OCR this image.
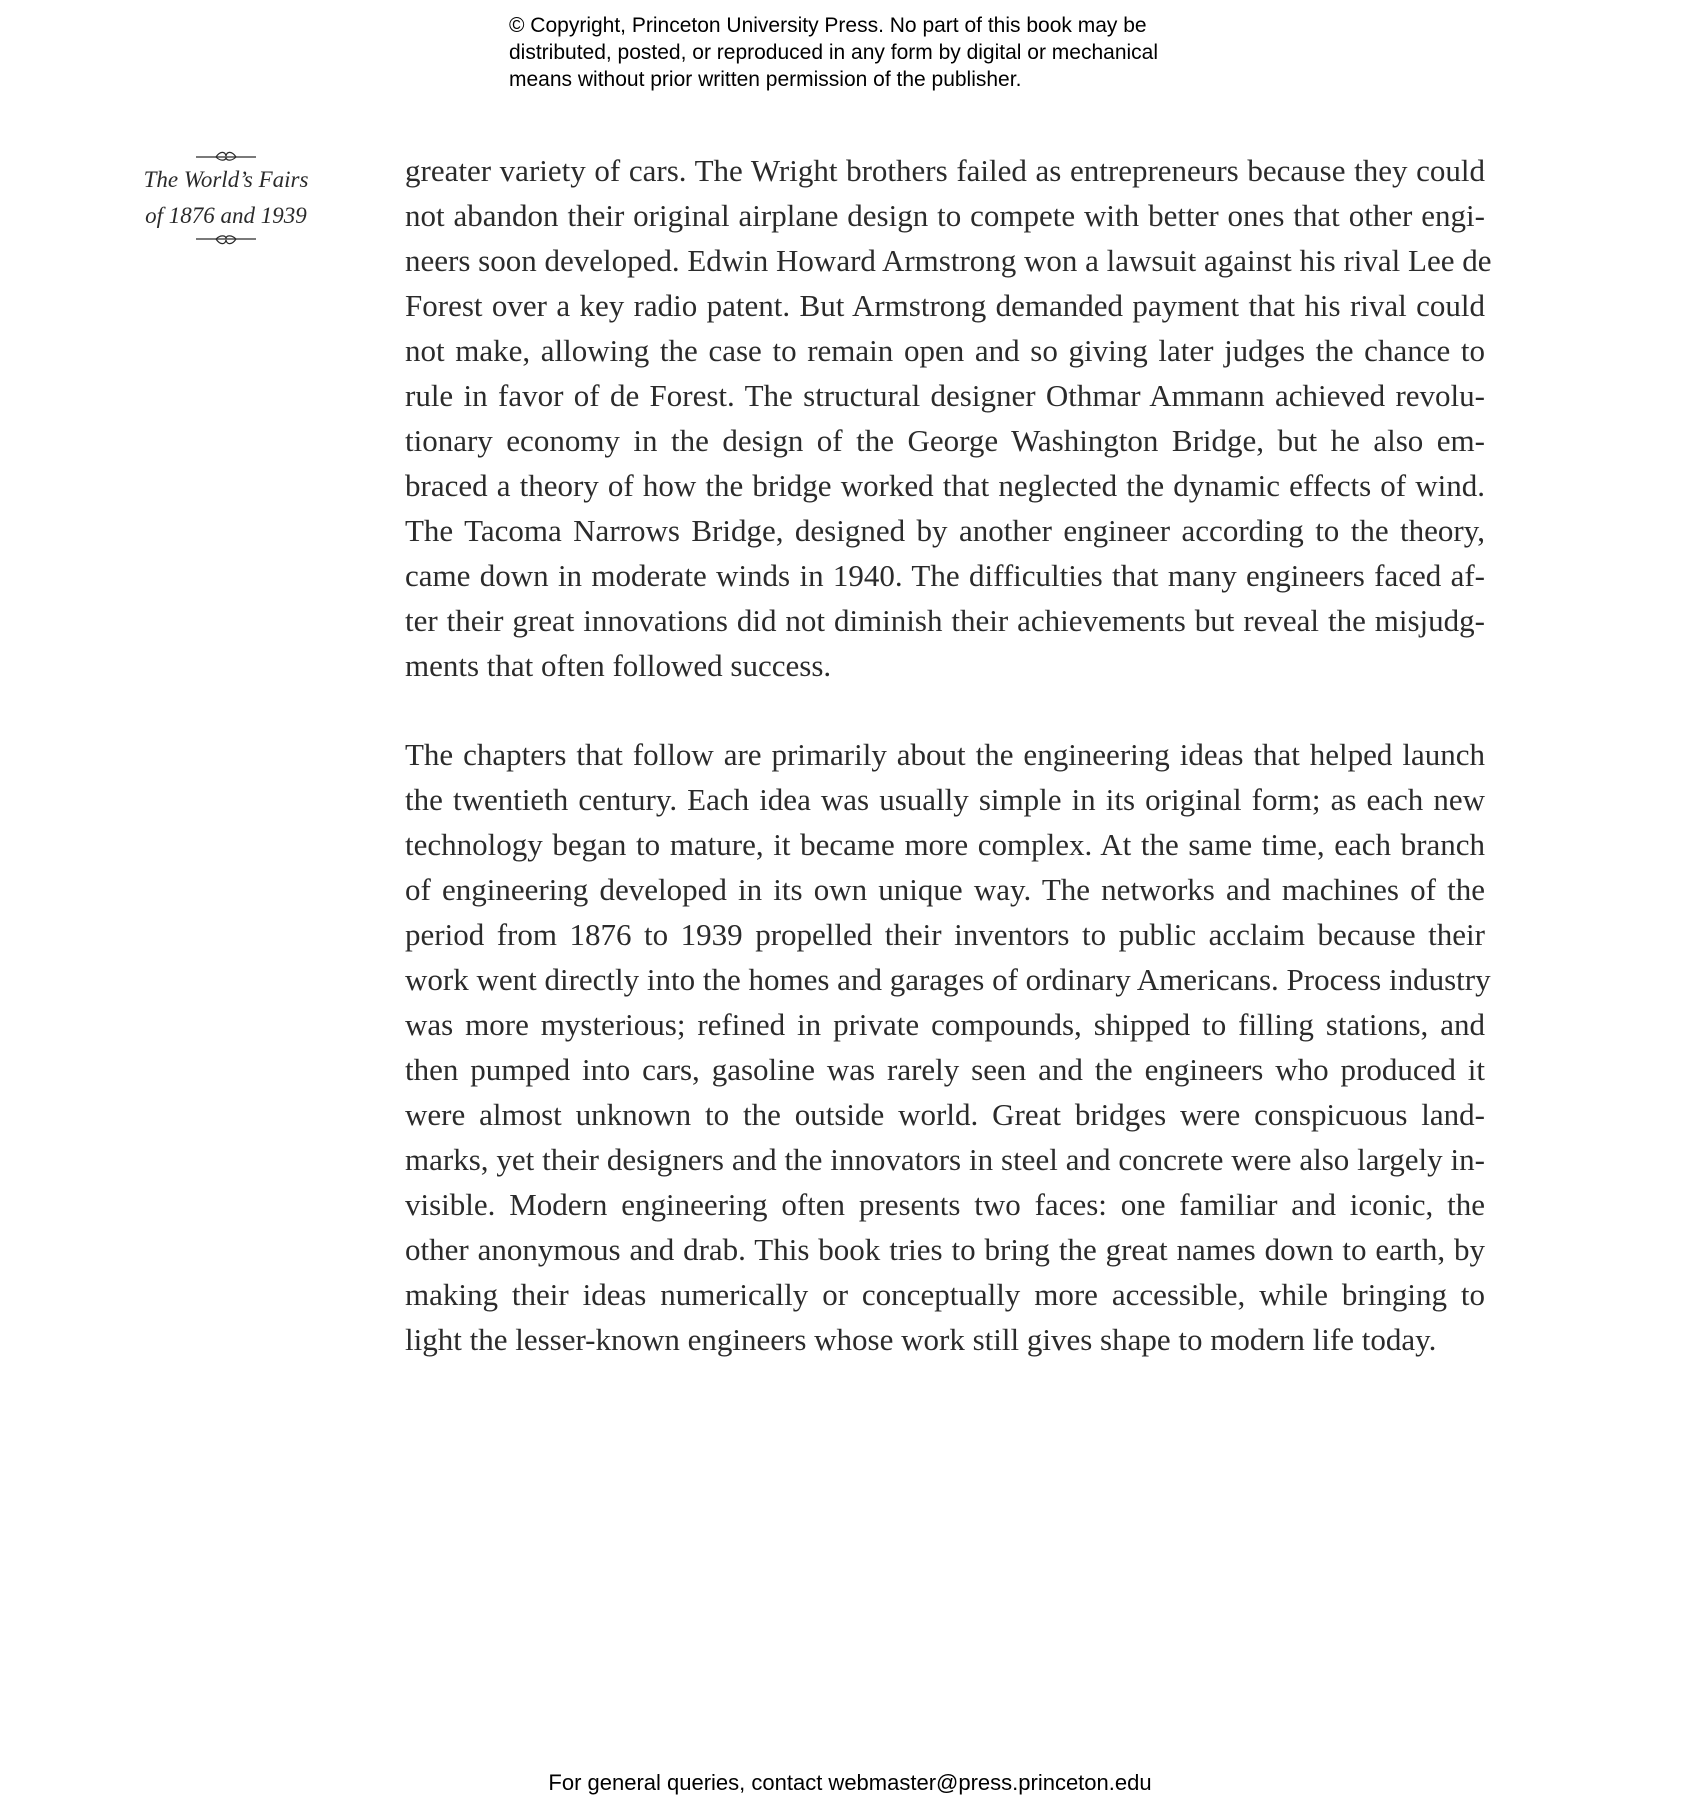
© Copyright, Princeton University Press. No part of this book may be
distributed, posted, or reproduced in any form by digital or mechanical
means without prior written permission of the publisher.
The World’s Fairs
of 1876 and 1939
greater variety of cars. The Wright brothers failed as entrepreneurs because they could
not abandon their original airplane design to compete with better ones that other engi-
neers soon developed. Edwin Howard Armstrong won a lawsuit against his rival Lee de
Forest over a key radio patent. But Armstrong demanded payment that his rival could
not make, allowing the case to remain open and so giving later judges the chance to
rule in favor of de Forest. The structural designer Othmar Ammann achieved revolu-
tionary economy in the design of the George Washington Bridge, but he also em-
braced a theory of how the bridge worked that neglected the dynamic effects of wind.
The Tacoma Narrows Bridge, designed by another engineer according to the theory,
came down in moderate winds in 1940. The difficulties that many engineers faced af-
ter their great innovations did not diminish their achievements but reveal the misjudg-
ments that often followed success.
The chapters that follow are primarily about the engineering ideas that helped launch
the twentieth century. Each idea was usually simple in its original form; as each new
technology began to mature, it became more complex. At the same time, each branch
of engineering developed in its own unique way. The networks and machines of the
period from 1876 to 1939 propelled their inventors to public acclaim because their
work went directly into the homes and garages of ordinary Americans. Process industry
was more mysterious; refined in private compounds, shipped to filling stations, and
then pumped into cars, gasoline was rarely seen and the engineers who produced it
were almost unknown to the outside world. Great bridges were conspicuous land-
marks, yet their designers and the innovators in steel and concrete were also largely in-
visible. Modern engineering often presents two faces: one familiar and iconic, the
other anonymous and drab. This book tries to bring the great names down to earth, by
making their ideas numerically or conceptually more accessible, while bringing to
light the lesser-known engineers whose work still gives shape to modern life today.
For general queries, contact webmaster@press.princeton.edu
